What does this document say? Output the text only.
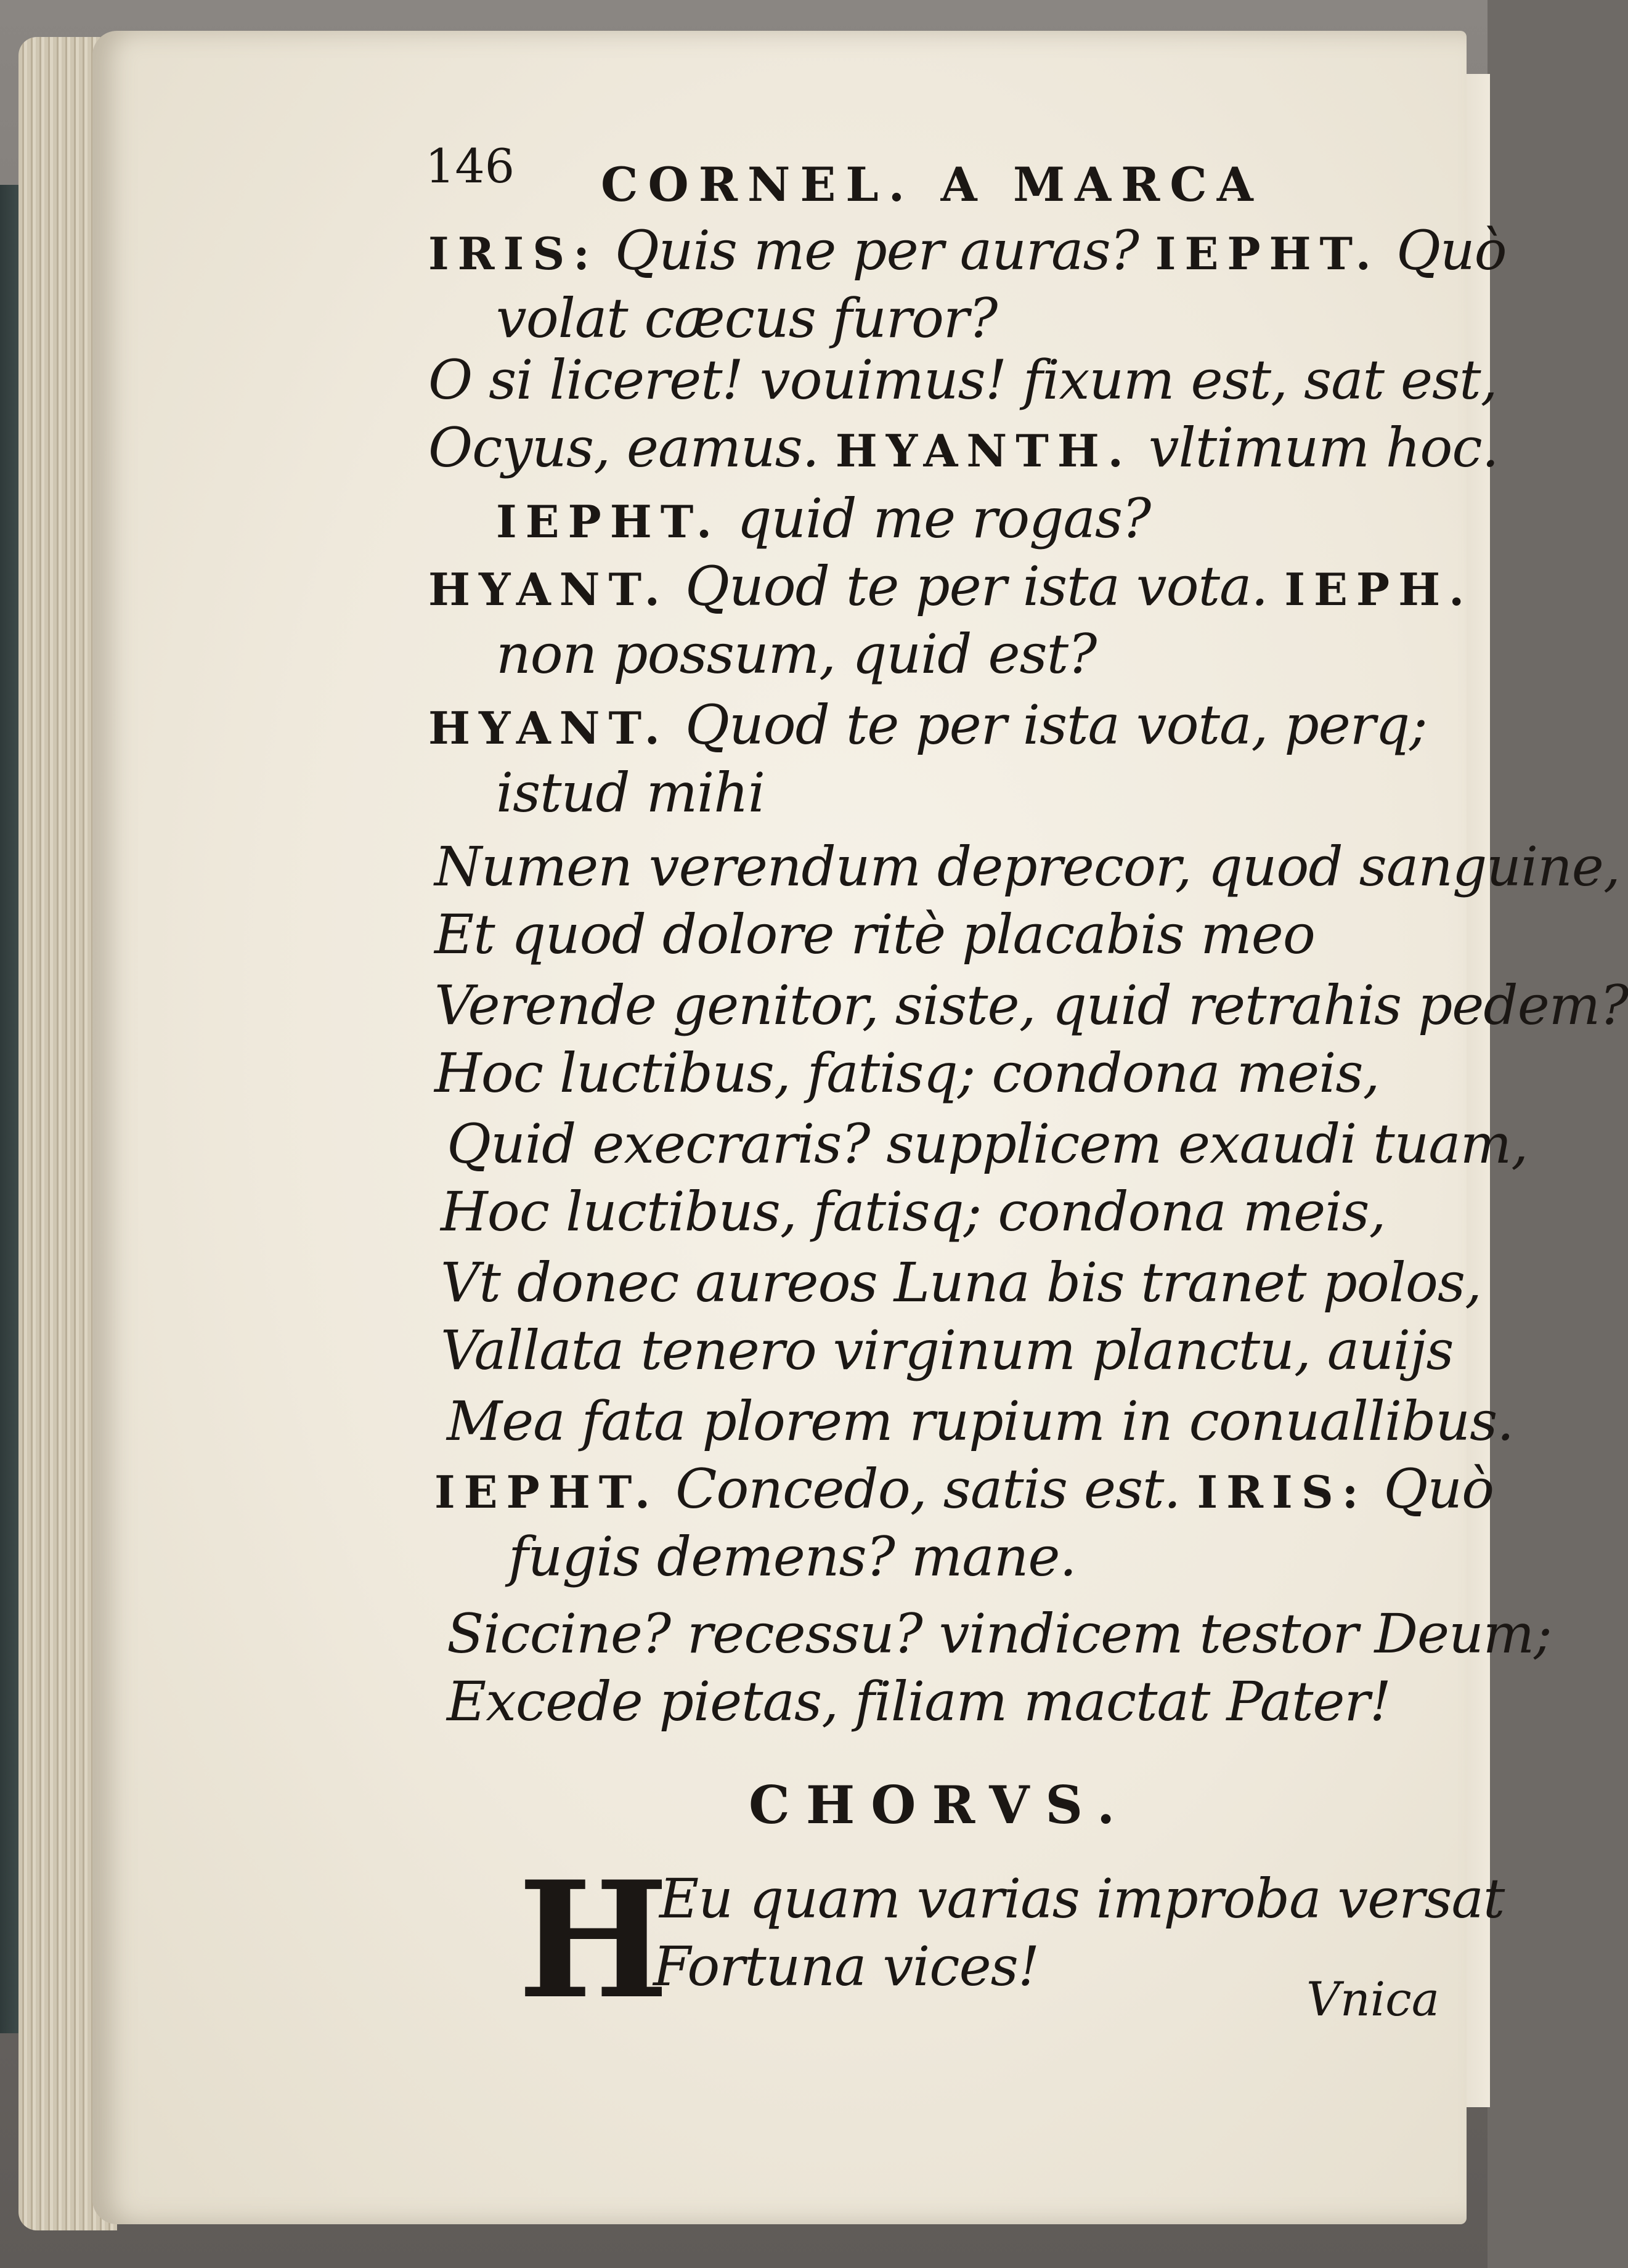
146 CORNEL. A MARCA
IRIS: Quis me per auras? IEPHT. Quò
volat cæcus furor?
O si liceret! vouimus! fixum est, sat est,
Ocyus, eamus. HYANTH. vltimum hoc.
IEPHT. quid me rogas?
HYANT. Quod te per ista vota. IEPH.
non possum, quid est?
HYANT. Quod te per ista vota, perq;
istud mihi
Numen verendum deprecor, quod sanguine,
Et quod dolore ritè placabis meo
Verende genitor, siste, quid retrahis pedem?
Hoc luctibus, fatisq; condona meis,
Quid execraris? supplicem exaudi tuam,
Hoc luctibus, fatisq; condona meis,
Vt donec aureos Luna bis tranet polos,
Vallata tenero virginum planctu, auijs
Mea fata plorem rupium in conuallibus.
IEPHT. Concedo, satis est. IRIS: Quò
fugis demens? mane.
Siccine? recessu? vindicem testor Deum;
Excede pietas, filiam mactat Pater!
CHORVS.
H
Eu quam varias improba versat
Fortuna vices!
Vnica
